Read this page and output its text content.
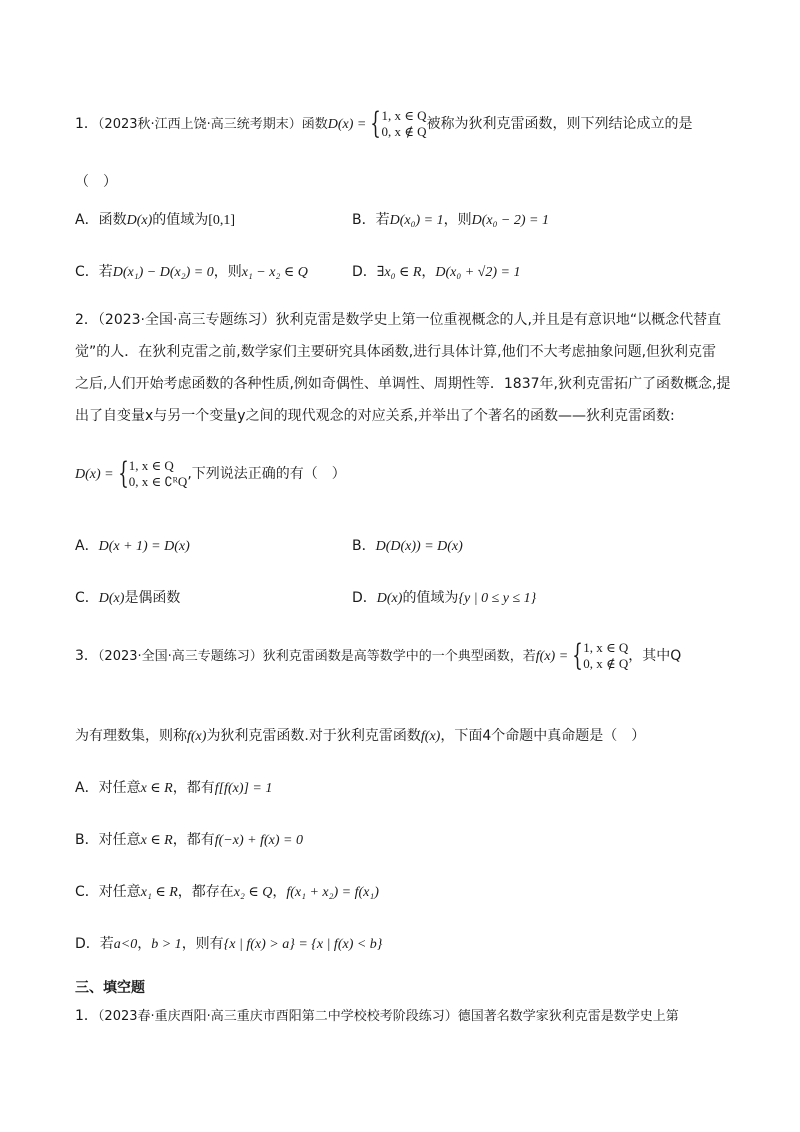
1．（2023秋·江西上饶·高三统考期末）函数D(x) = { 1, x ∈ Q
0, x ∉ Q 被称为狄利克雷函数，则下列结论成立的是
（　）
A．函数D(x)的值域为[0,1]	B．若D(x₀) = 1，则D(x₀ − 2) = 1
C．若D(x₁) − D(x₂) = 0，则x₁ − x₂ ∈ Q	D．∃x₀ ∈ R，D(x₀ + √2) = 1
2．（2023·全国·高三专题练习）狄利克雷是数学史上第一位重视概念的人,并且是有意识地“以概念代替直
觉”的人．在狄利克雷之前,数学家们主要研究具体函数,进行具体计算,他们不大考虑抽象问题,但狄利克雷
之后,人们开始考虑函数的各种性质,例如奇偶性、单调性、周期性等．1837年,狄利克雷拓广了函数概念,提
出了自变量x与另一个变量y之间的现代观念的对应关系,并举出了个著名的函数——狄利克雷函数:
D(x) = { 1, x ∈ Q
0, x ∈ ∁ᴿQ ,下列说法正确的有（　）
A．D(x + 1) = D(x)	B．D(D(x)) = D(x)
C．D(x)是偶函数	D．D(x)的值域为{y | 0 ≤ y ≤ 1}
3．（2023·全国·高三专题练习）狄利克雷函数是高等数学中的一个典型函数，若f(x) = { 1, x ∈ Q
0, x ∉ Q ，其中Q
为有理数集，则称f(x)为狄利克雷函数.对于狄利克雷函数f(x)，下面4个命题中真命题是（　）
A．对任意x ∈ R，都有f[f(x)] = 1
B．对任意x ∈ R，都有f(−x) + f(x) = 0
C．对任意x₁ ∈ R，都存在x₂ ∈ Q，f(x₁ + x₂) = f(x₁)
D．若a<0，b > 1，则有{x | f(x) > a} = {x | f(x) < b}
三、填空题
1．（2023春·重庆酉阳·高三重庆市酉阳第二中学校校考阶段练习）德国著名数学家狄利克雷是数学史上第
